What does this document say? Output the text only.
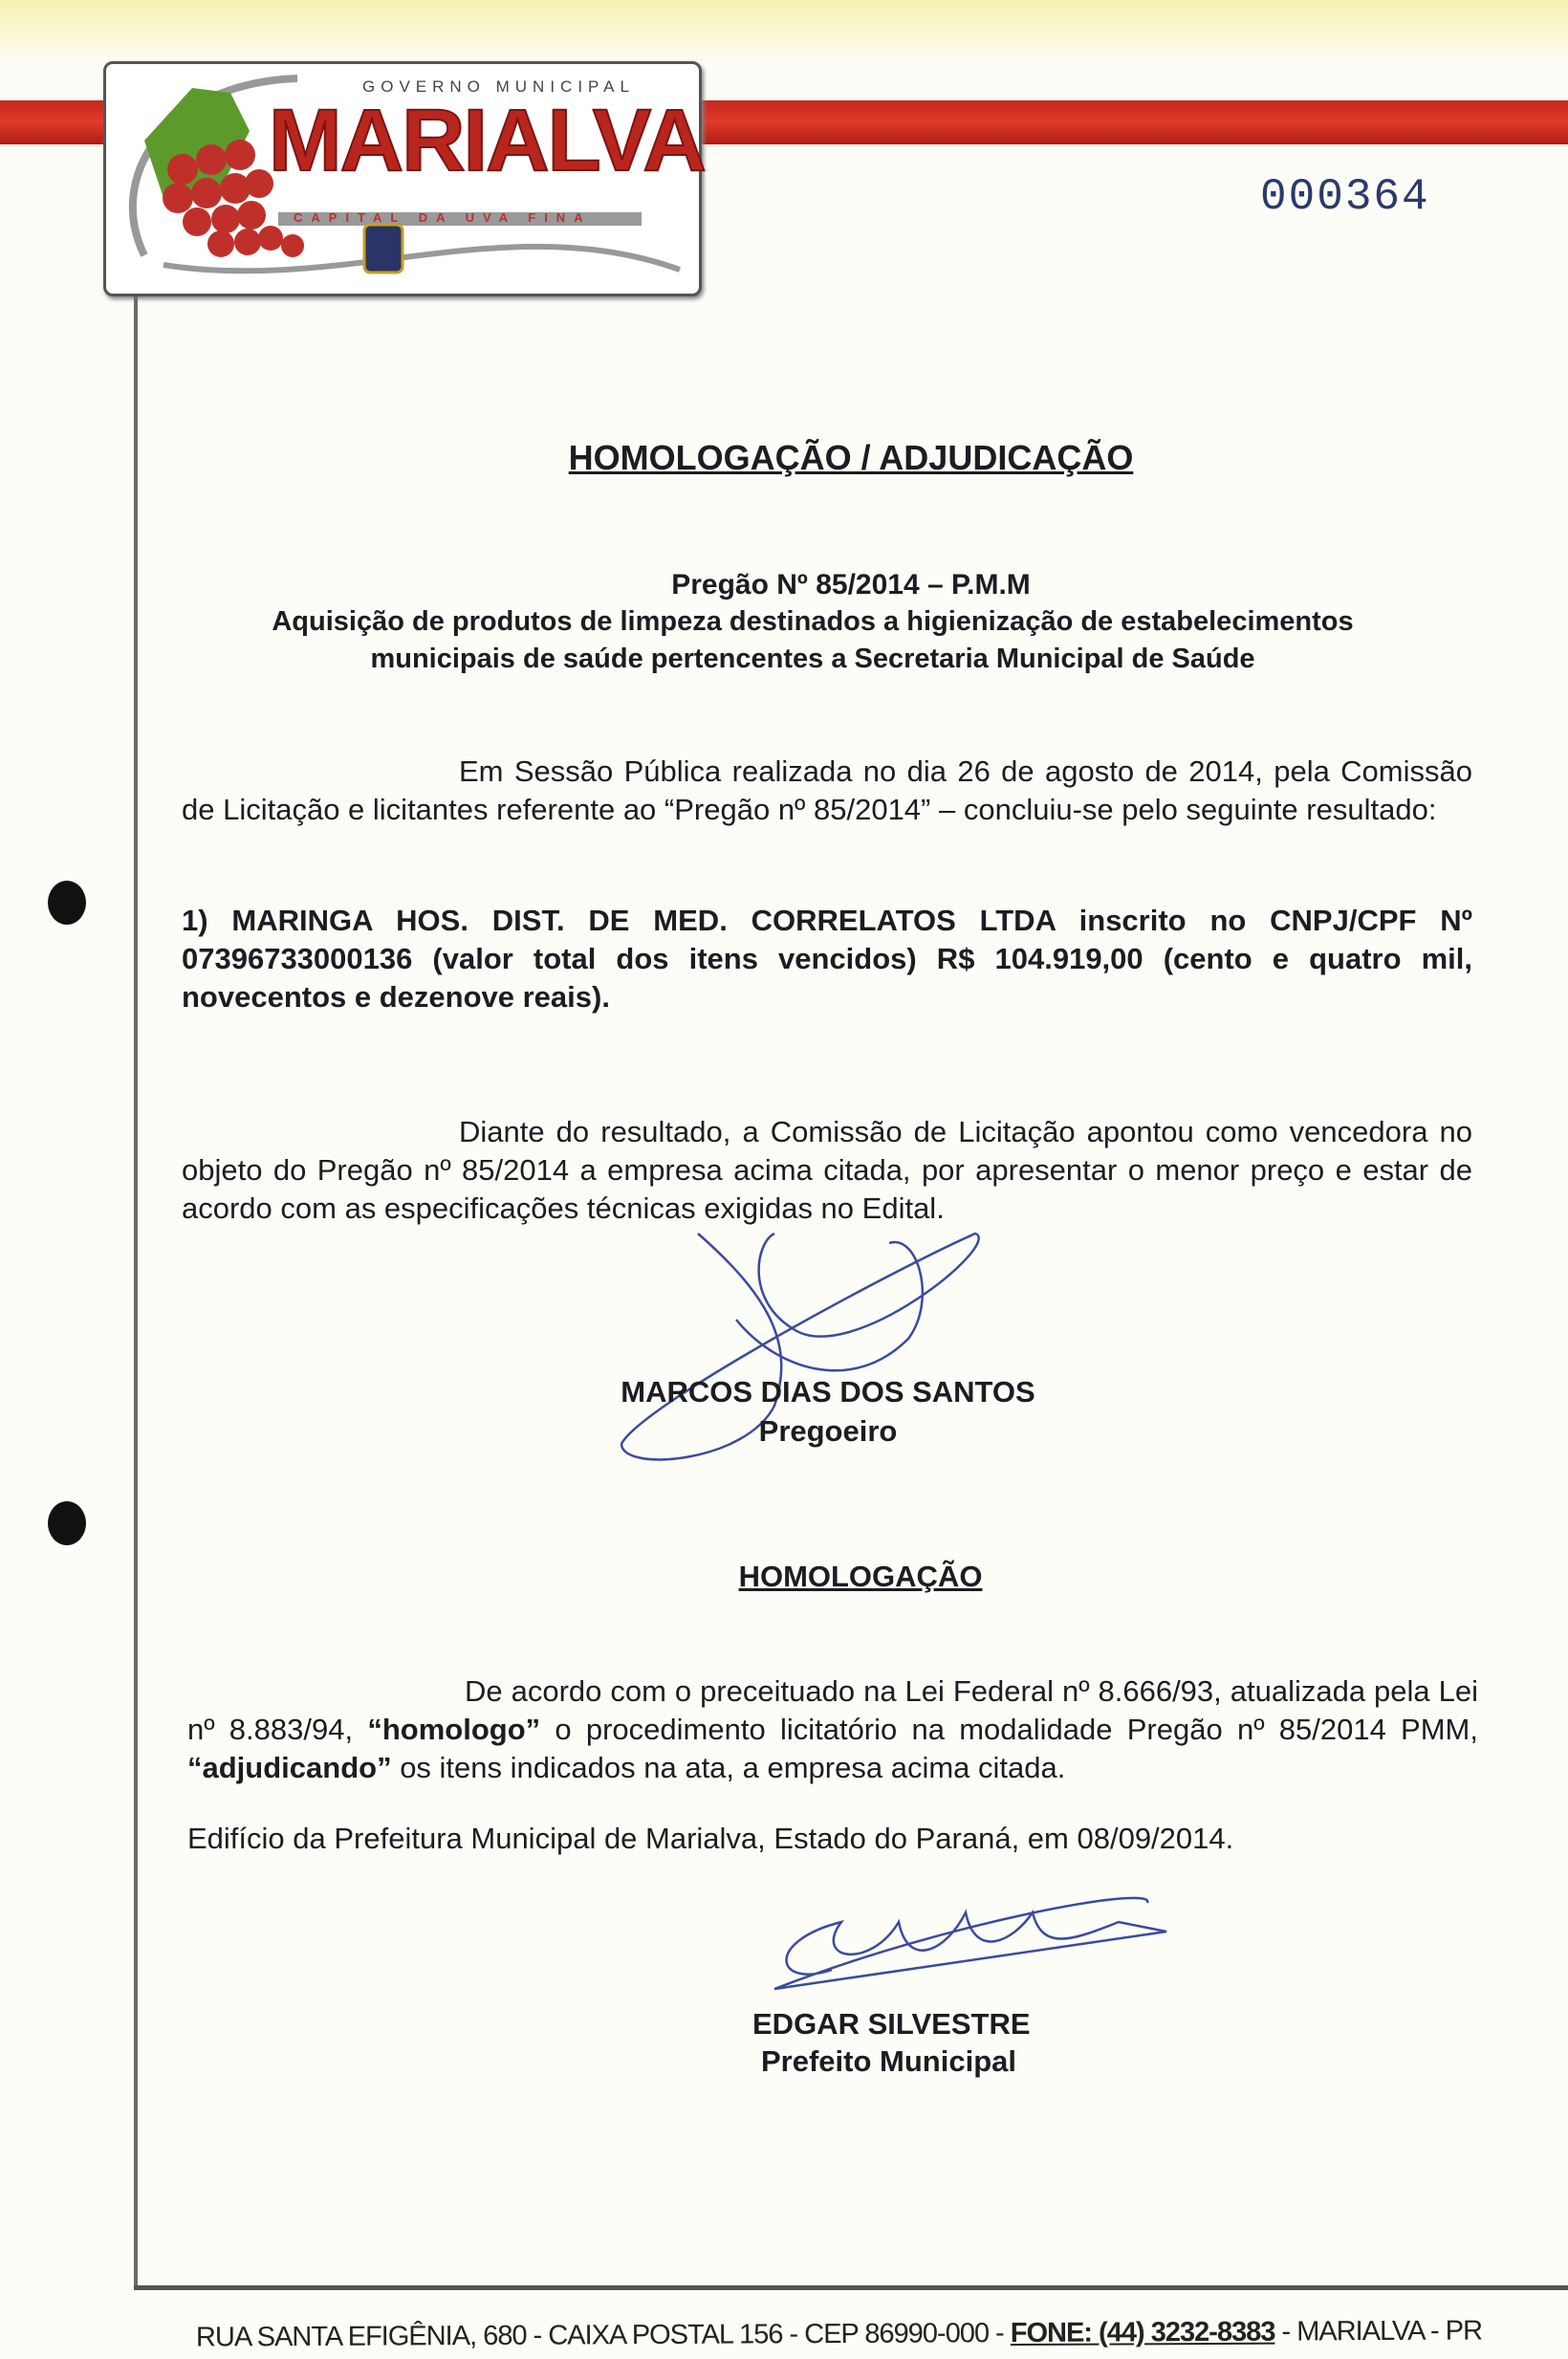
GOVERNO MUNICIPAL
MARIALVA
CAPITAL DA UVA FINA	000364
HOMOLOGAÇÃO / ADJUDICAÇÃO
Pregão Nº 85/2014 – P.M.M
Aquisição de produtos de limpeza destinados a higienização de estabelecimentos
municipais de saúde pertencentes a Secretaria Municipal de Saúde
Em Sessão Pública realizada no dia 26 de agosto de 2014, pela Comissão de Licitação e licitantes referente ao “Pregão nº 85/2014” – concluiu-se pelo seguinte resultado:
1) MARINGA HOS. DIST. DE MED. CORRELATOS LTDA inscrito no CNPJ/CPF Nº 07396733000136 (valor total dos itens vencidos) R$ 104.919,00 (cento e quatro mil, novecentos e dezenove reais).
Diante do resultado, a Comissão de Licitação apontou como vencedora no objeto do Pregão nº 85/2014 a empresa acima citada, por apresentar o menor preço e estar de acordo com as especificações técnicas exigidas no Edital.
MARCOS DIAS DOS SANTOS
Pregoeiro
HOMOLOGAÇÃO
De acordo com o preceituado na Lei Federal nº 8.666/93, atualizada pela Lei nº 8.883/94, “homologo” o procedimento licitatório na modalidade Pregão nº 85/2014 PMM, “adjudicando” os itens indicados na ata, a empresa acima citada.
Edifício da Prefeitura Municipal de Marialva, Estado do Paraná, em 08/09/2014.
EDGAR SILVESTRE
Prefeito Municipal
RUA SANTA EFIGÊNIA, 680 - CAIXA POSTAL 156 - CEP 86990-000 - FONE: (44) 3232-8383 - MARIALVA - PR
